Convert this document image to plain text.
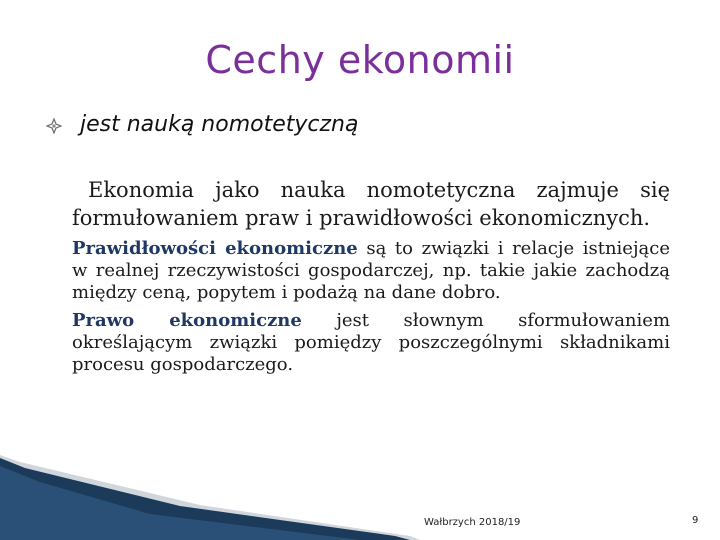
Cechy ekonomii
jest nauką nomotetyczną

Ekonomia jako nauka nomotetyczna zajmuje się formułowaniem praw i prawidłowości ekonomicznych.

Prawidłowości ekonomiczne są to związki i relacje istniejące w realnej rzeczywistości gospodarczej, np. takie jakie zachodzą między ceną, popytem i podażą na dane dobro.

Prawo ekonomiczne jest słownym sformułowaniem określającym związki pomiędzy poszczególnymi składnikami procesu gospodarczego.

Wałbrzych 2018/19	9
